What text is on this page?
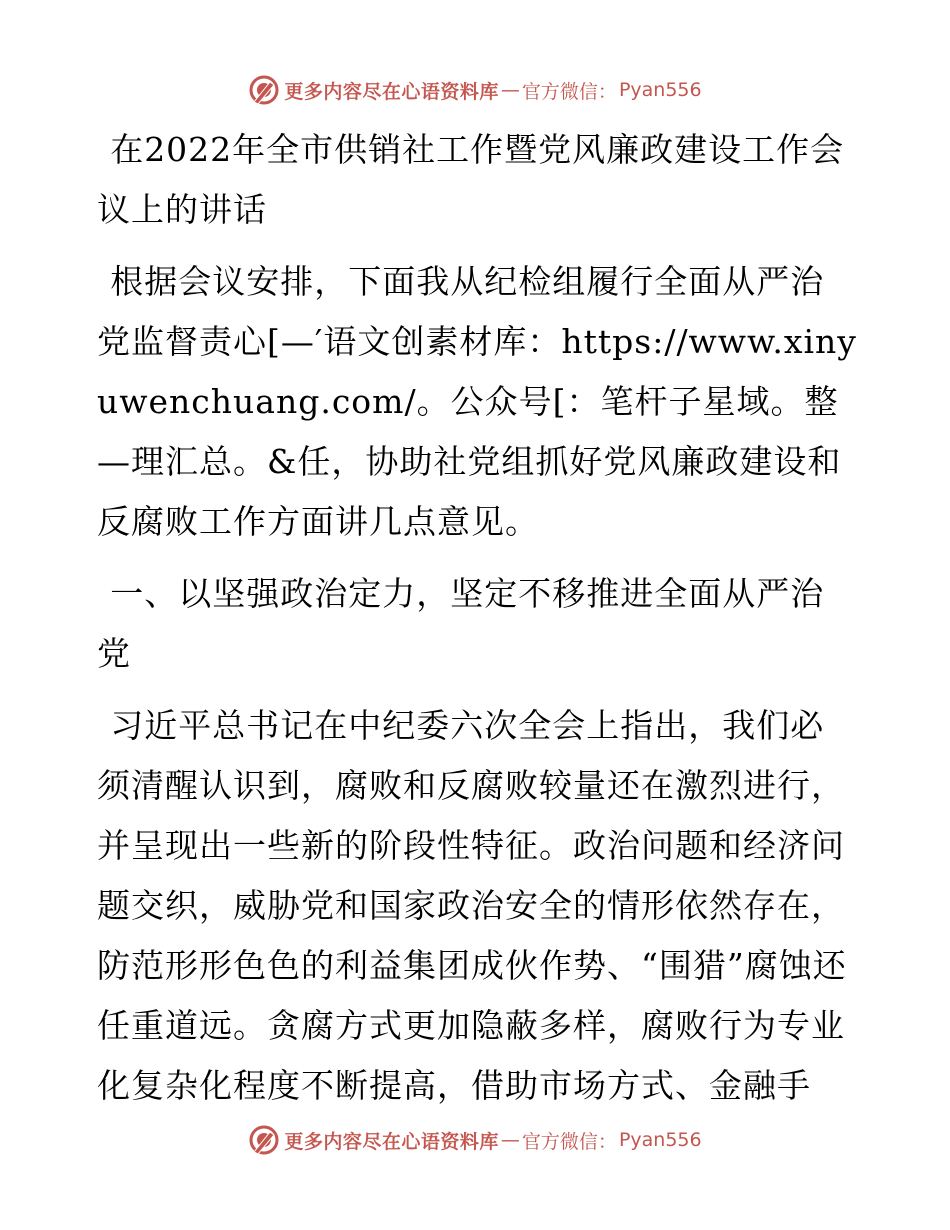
更多内容尽在心语资料库 — 官方微信： Pyan556

在2022年全市供销社工作暨党风廉政建设工作会议上的讲话

根据会议安排，下面我从纪检组履行全面从严治党监督责心[—′语文创素材库：https://www.xinyuwenchuang.com/。公众号[：笔杆子星域。整—理汇总。&任，协助社党组抓好党风廉政建设和反腐败工作方面讲几点意见。

一、以坚强政治定力，坚定不移推进全面从严治党

习近平总书记在中纪委六次全会上指出，我们必须清醒认识到，腐败和反腐败较量还在激烈进行，并呈现出一些新的阶段性特征。政治问题和经济问题交织，威胁党和国家政治安全的情形依然存在，防范形形色色的利益集团成伙作势、“围猎”腐蚀还任重道远。贪腐方式更加隐蔽多样，腐败行为专业化复杂化程度不断提高，借助市场方式、金融手

更多内容尽在心语资料库 — 官方微信： Pyan556
